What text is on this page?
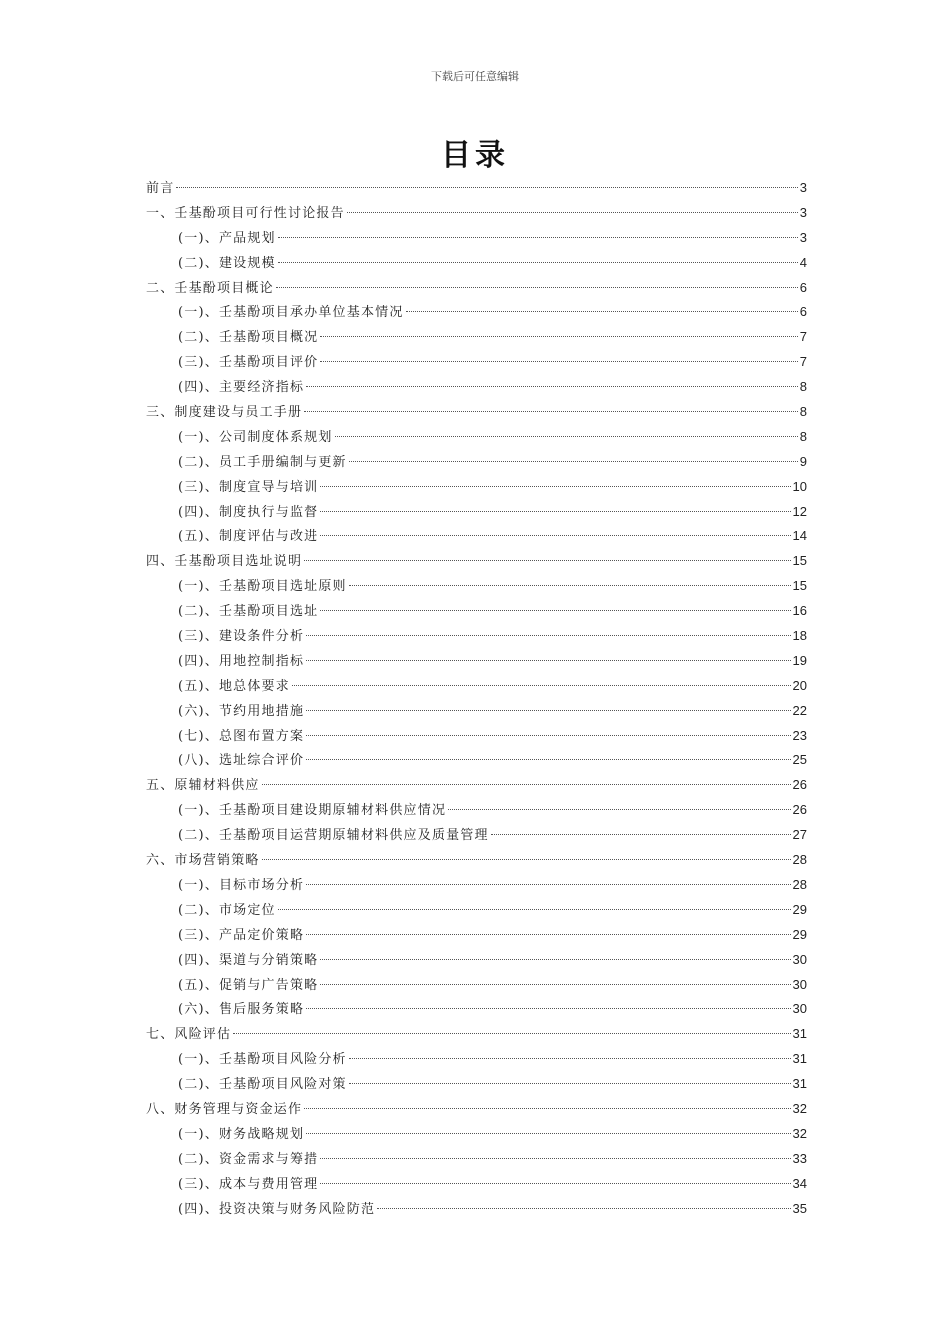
下载后可任意编辑
目录
前言	3
一、壬基酚项目可行性讨论报告	3
(一)、产品规划	3
(二)、建设规模	4
二、壬基酚项目概论	6
(一)、壬基酚项目承办单位基本情况	6
(二)、壬基酚项目概况	7
(三)、壬基酚项目评价	7
(四)、主要经济指标	8
三、制度建设与员工手册	8
(一)、公司制度体系规划	8
(二)、员工手册编制与更新	9
(三)、制度宣导与培训	10
(四)、制度执行与监督	12
(五)、制度评估与改进	14
四、壬基酚项目选址说明	15
(一)、壬基酚项目选址原则	15
(二)、壬基酚项目选址	16
(三)、建设条件分析	18
(四)、用地控制指标	19
(五)、地总体要求	20
(六)、节约用地措施	22
(七)、总图布置方案	23
(八)、选址综合评价	25
五、原辅材料供应	26
(一)、壬基酚项目建设期原辅材料供应情况	26
(二)、壬基酚项目运营期原辅材料供应及质量管理	27
六、市场营销策略	28
(一)、目标市场分析	28
(二)、市场定位	29
(三)、产品定价策略	29
(四)、渠道与分销策略	30
(五)、促销与广告策略	30
(六)、售后服务策略	30
七、风险评估	31
(一)、壬基酚项目风险分析	31
(二)、壬基酚项目风险对策	31
八、财务管理与资金运作	32
(一)、财务战略规划	32
(二)、资金需求与筹措	33
(三)、成本与费用管理	34
(四)、投资决策与财务风险防范	35
